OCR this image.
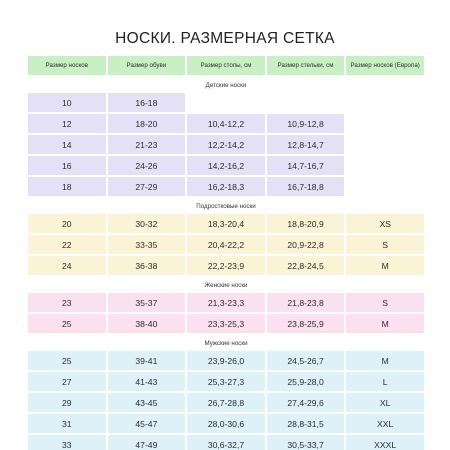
НОСКИ. РАЗМЕРНАЯ СЕТКА
Размер носков	Размер обуви	Размер стопы, см	Размер стельки, см	Размер носков (Европа)
Детские носки
10	16-18
12	18-20	10,4-12,2	10,9-12,8
14	21-23	12,2-14,2	12,8-14,7
16	24-26	14,2-16,2	14,7-16,7
18	27-29	16,2-18,3	16,7-18,8
Подростковые носки
20	30-32	18,3-20,4	18,8-20,9	XS
22	33-35	20,4-22,2	20,9-22,8	S
24	36-38	22,2-23,9	22,8-24,5	M
Женские носки
23	35-37	21,3-23,3	21,8-23,8	S
25	38-40	23,3-25,3	23,8-25,9	M
Мужские носки
25	39-41	23,9-26,0	24,5-26,7	M
27	41-43	25,3-27,3	25,9-28,0	L
29	43-45	26,7-28,8	27,4-29,6	XL
31	45-47	28,0-30,6	28,8-31,5	XXL
33	47-49	30,6-32,7	30,5-33,7	XXXL
